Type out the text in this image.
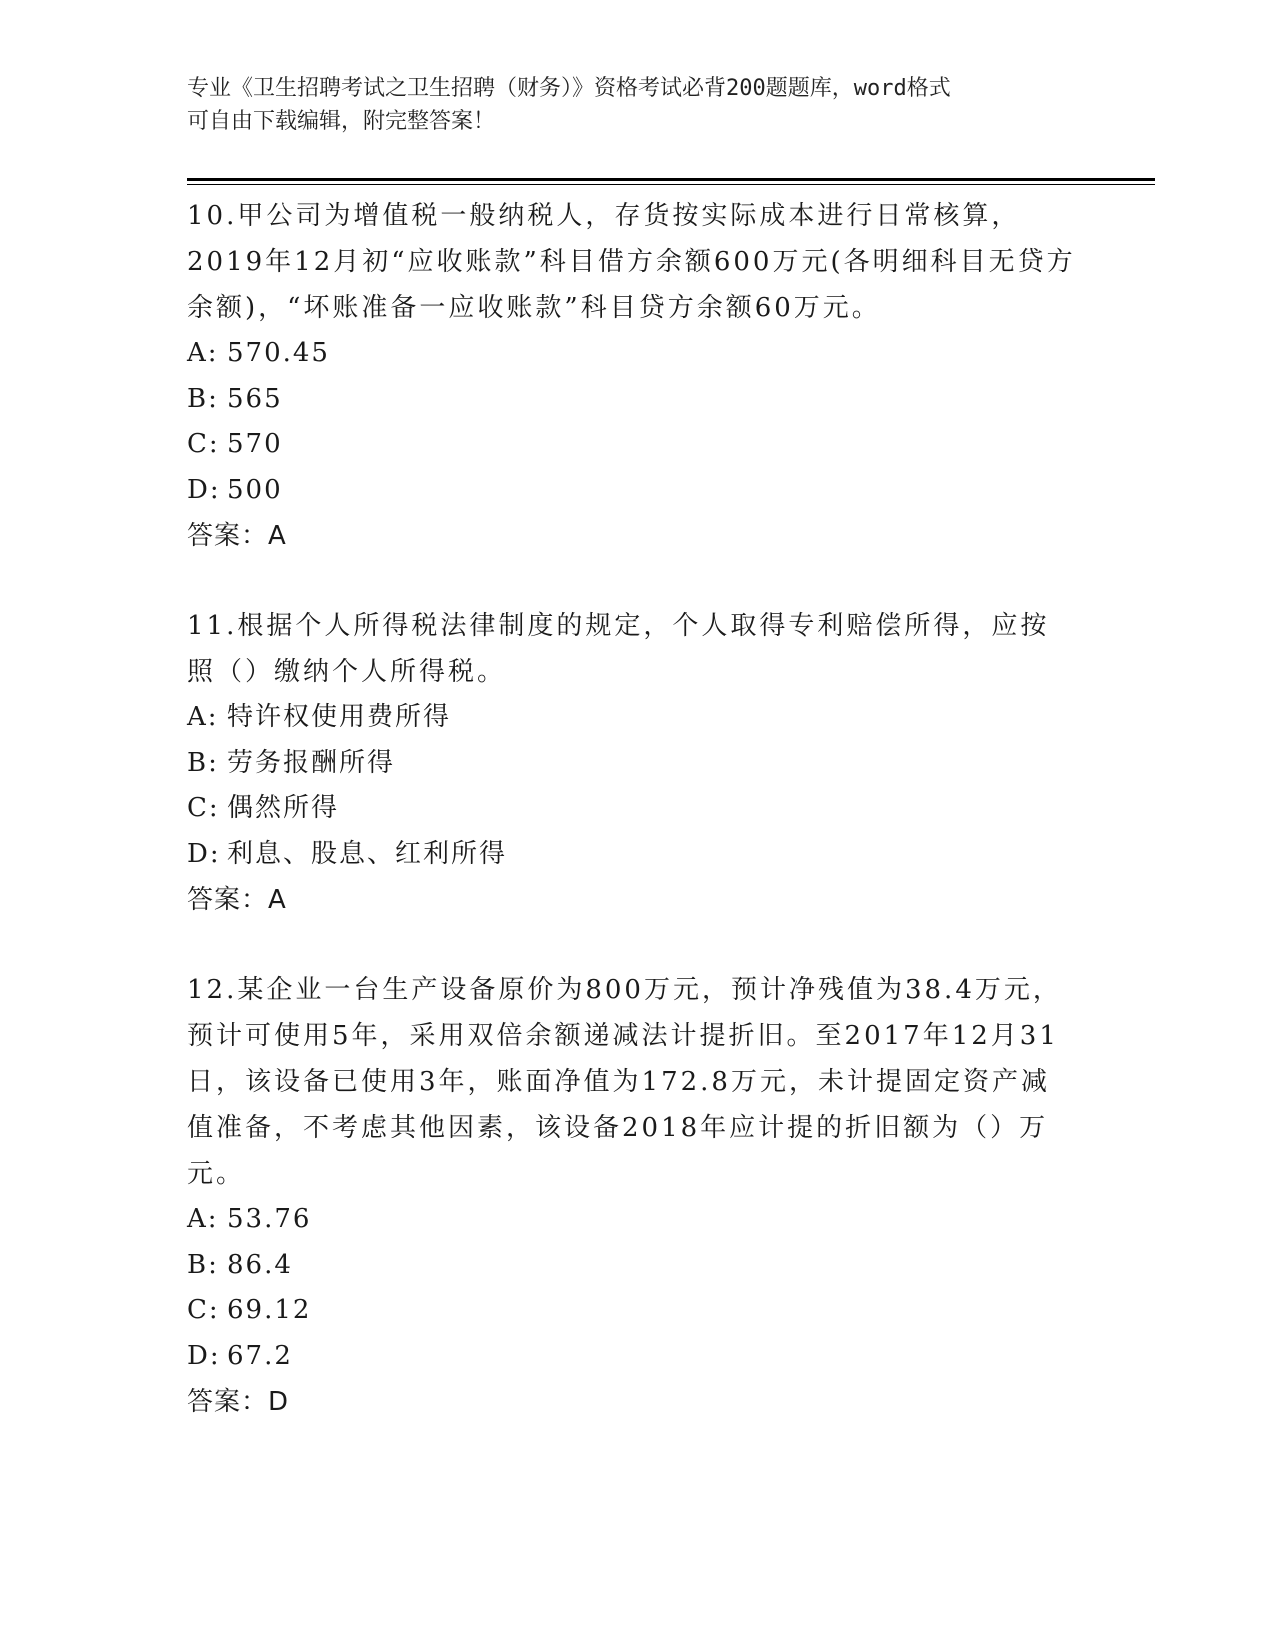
专业《卫生招聘考试之卫生招聘（财务）》资格考试必背200题题库，word格式
可自由下载编辑，附完整答案！
10.甲公司为增值税一般纳税人，存货按实际成本进行日常核算，2019年12月初“应收账款”科目借方余额600万元(各明细科目无贷方余额)，“坏账准备一应收账款”科目贷方余额60万元。
A: 570.45
B: 565
C: 570
D: 500
答案：A
11.根据个人所得税法律制度的规定，个人取得专利赔偿所得，应按照（）缴纳个人所得税。
A: 特许权使用费所得
B: 劳务报酬所得
C: 偶然所得
D: 利息、股息、红利所得
答案：A
12.某企业一台生产设备原价为800万元，预计净残值为38.4万元，预计可使用5年，采用双倍余额递减法计提折旧。至2017年12月31日，该设备已使用3年，账面净值为172.8万元，未计提固定资产减值准备，不考虑其他因素，该设备2018年应计提的折旧额为（）万元。
A: 53.76
B: 86.4
C: 69.12
D: 67.2
答案：D
